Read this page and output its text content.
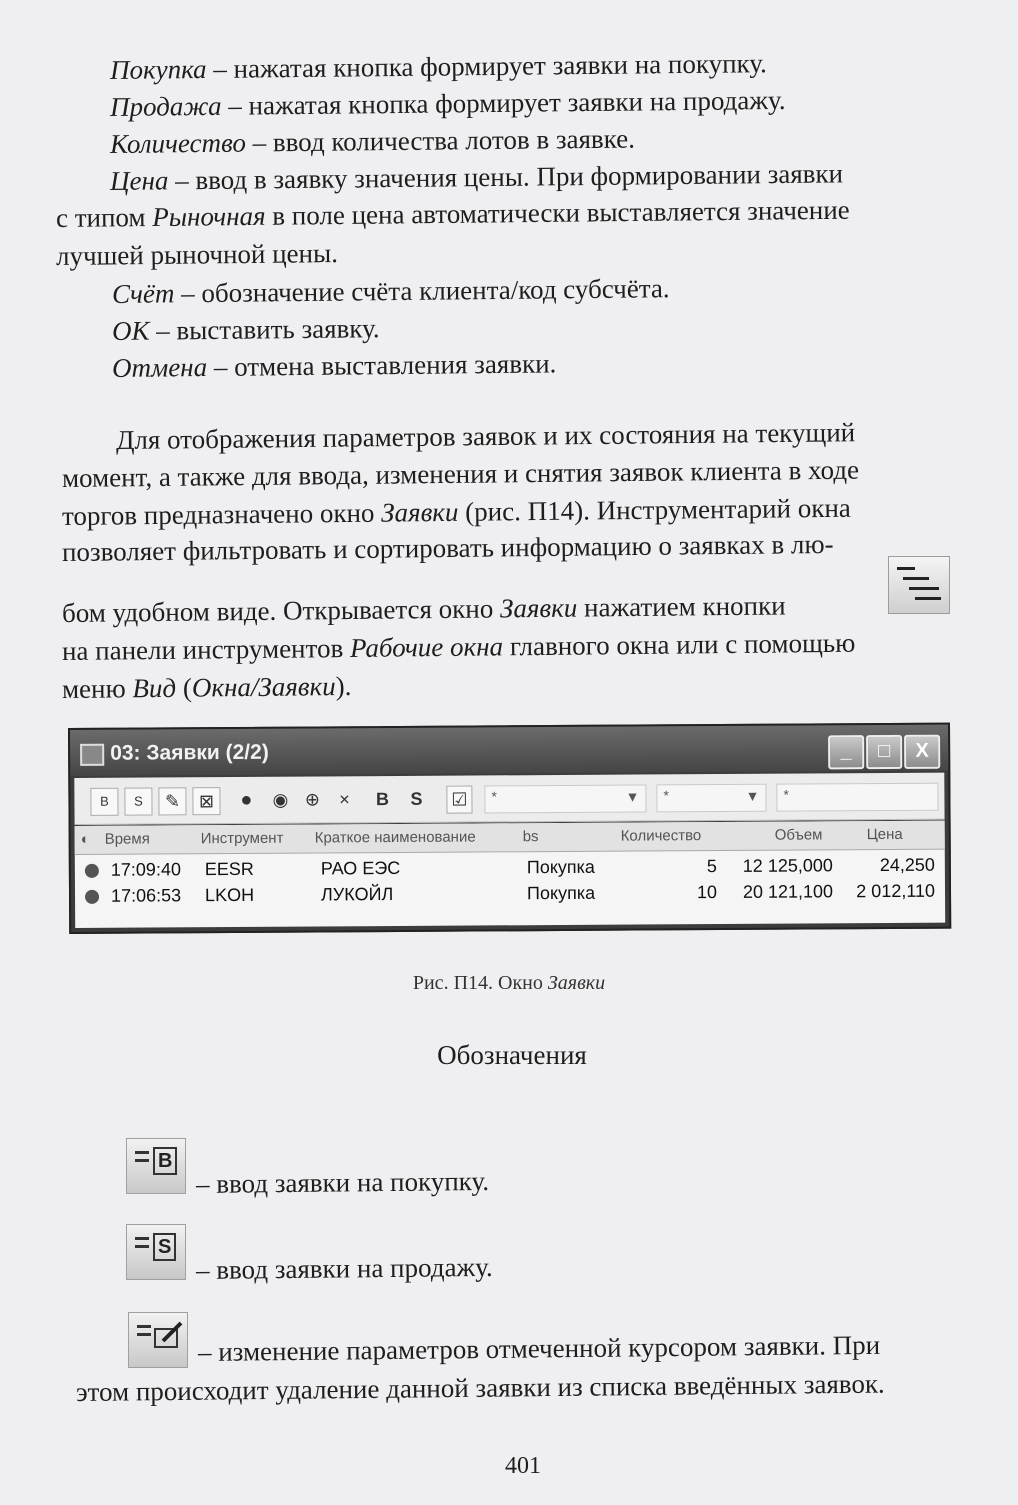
Покупка – нажатая кнопка формирует заявки на покупку.
Продажа – нажатая кнопка формирует заявки на продажу.
Количество – ввод количества лотов в заявке.
Цена – ввод в заявку значения цены. При формировании заявки
с типом Рыночная в поле цена автоматически выставляется значение
лучшей рыночной цены.
Счёт – обозначение счёта клиента/код субсчёта.
ОК – выставить заявку.
Отмена – отмена выставления заявки.
Для отображения параметров заявок и их состояния на текущий
момент, а также для ввода, изменения и снятия заявок клиента в ходе
торгов предназначено окно Заявки (рис. П14). Инструментарий окна
позволяет фильтровать и сортировать информацию о заявках в лю-
бом удобном виде. Открывается окно Заявки нажатием кнопки
на панели инструментов Рабочие окна главного окна или с помощью
меню Вид (Окна/Заявки).
03: Заявки (2/2)	_	□	X
B	S	✎	⊠	●	◉ ⊕	×	B	S	☑	*	▼ *	▼ *
◐ Время	Инструмент Краткое наименование	bs	Количество	Объем	Цена
17:09:40 EESR	РАО ЕЭС	Покупка	5	12 125,000	24,250
17:06:53 LKOH	ЛУКОЙЛ	Покупка	10	20 121,100	2 012,110
Рис. П14. Окно Заявки
Обозначения
B
– ввод заявки на покупку.
S
– ввод заявки на продажу.
– изменение параметров отмеченной курсором заявки. При
этом происходит удаление данной заявки из списка введённых заявок.
401
